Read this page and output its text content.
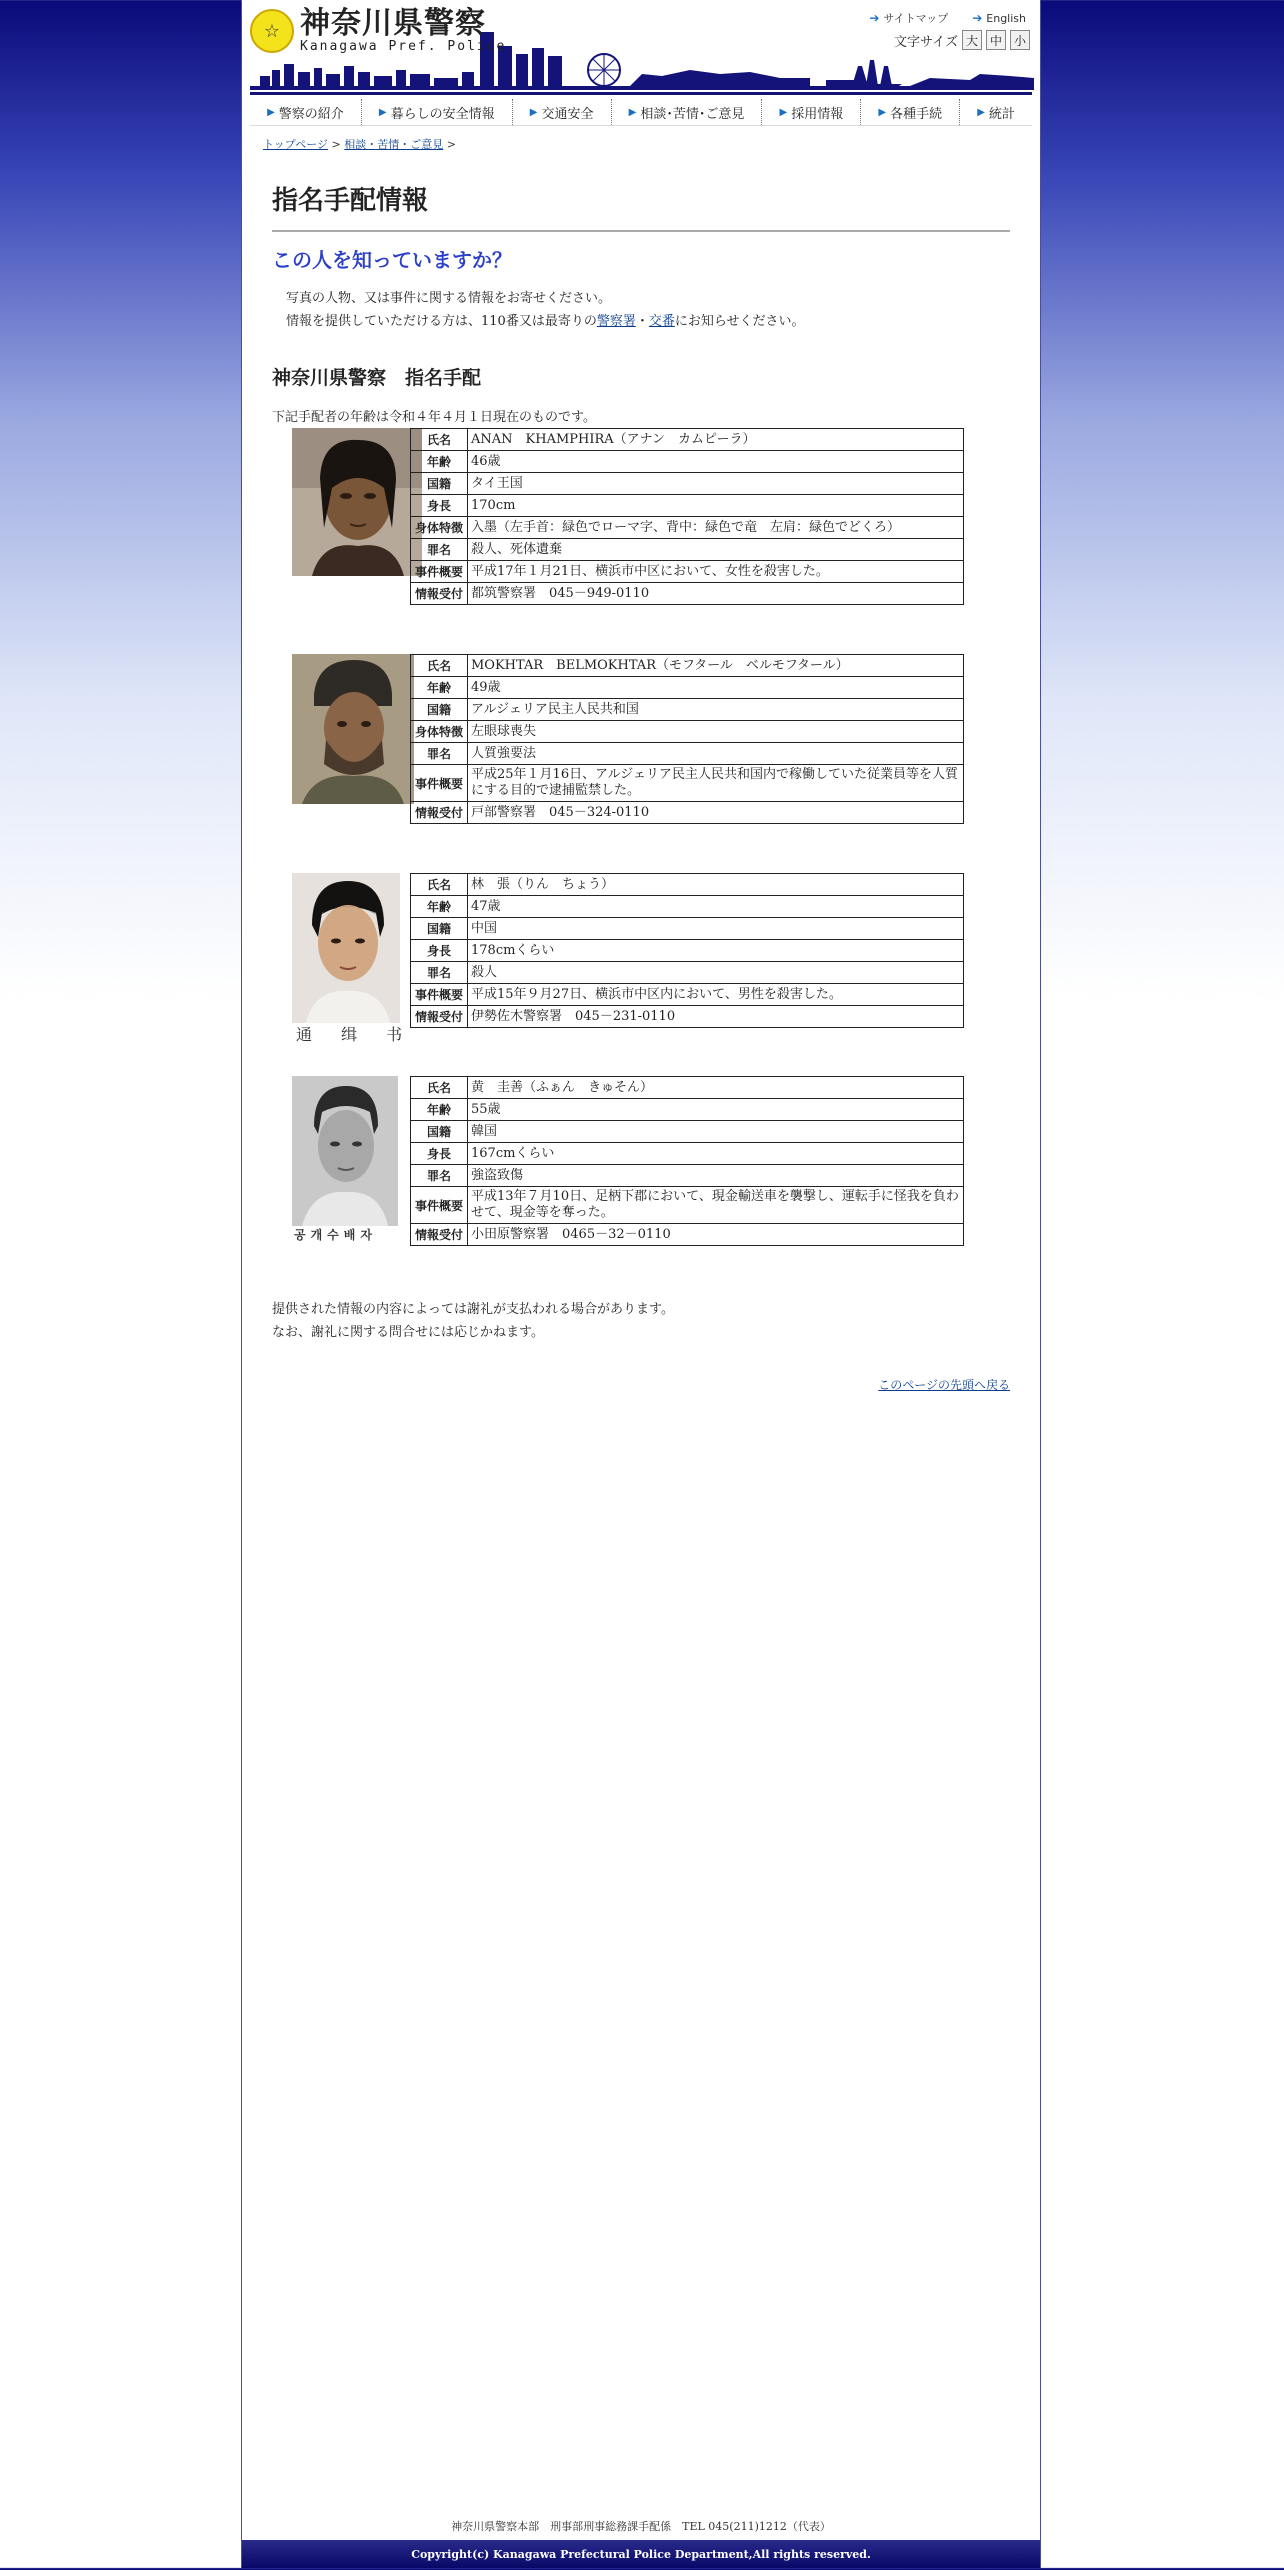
☆ 神奈川県警察
Kanagawa Pref. Police
➔ サイトマップ ➔ English
文字サイズ 大 中 小
▶ 警察の紹介	▶ 暮らしの安全情報	▶ 交通安全	▶ 相談･苦情･ご意見	▶ 採用情報	▶ 各種手続	▶ 統計
トップページ > 相談・苦情・ご意見 >
指名手配情報
この人を知っていますか？
写真の人物、又は事件に関する情報をお寄せください。
情報を提供していただける方は、110番又は最寄りの警察署・交番にお知らせください。
神奈川県警察　指名手配
下記手配者の年齢は令和４年４月１日現在のものです。
氏名	ANAN　KHAMPHIRA（アナン　カムピーラ）
年齢	46歳
国籍	タイ王国
身長	170cm
身体特徴	入墨（左手首：緑色でローマ字、背中：緑色で竜　左肩：緑色でどくろ）
罪名	殺人、死体遺棄
事件概要	平成17年１月21日、横浜市中区において、女性を殺害した。
情報受付	都筑警察署　045－949-0110
氏名	MOKHTAR　BELMOKHTAR（モフタール　ベルモフタール）
年齢	49歳
国籍	アルジェリア民主人民共和国
身体特徴	左眼球喪失
罪名	人質強要法
事件概要	平成25年１月16日、アルジェリア民主人民共和国内で稼働していた従業員等を人質にする目的で逮捕監禁した。
情報受付	戸部警察署　045－324-0110
通 缉 书
氏名	林　張（りん　ちょう）
年齢	47歳
国籍	中国
身長	178cmくらい
罪名	殺人
事件概要	平成15年９月27日、横浜市中区内において、男性を殺害した。
情報受付	伊勢佐木警察署　045－231-0110
공개수배자
氏名	黄　圭善（ふぁん　きゅそん）
年齢	55歳
国籍	韓国
身長	167cmくらい
罪名	強盗致傷
事件概要	平成13年７月10日、足柄下郡において、現金輸送車を襲撃し、運転手に怪我を負わせて、現金等を奪った。
情報受付	小田原警察署　0465－32－0110
提供された情報の内容によっては謝礼が支払われる場合があります。
なお、謝礼に関する問合せには応じかねます。
このページの先頭へ戻る
神奈川県警察本部　刑事部刑事総務課手配係　TEL 045(211)1212（代表）
Copyright(c) Kanagawa Prefectural Police Department,All rights reserved.
